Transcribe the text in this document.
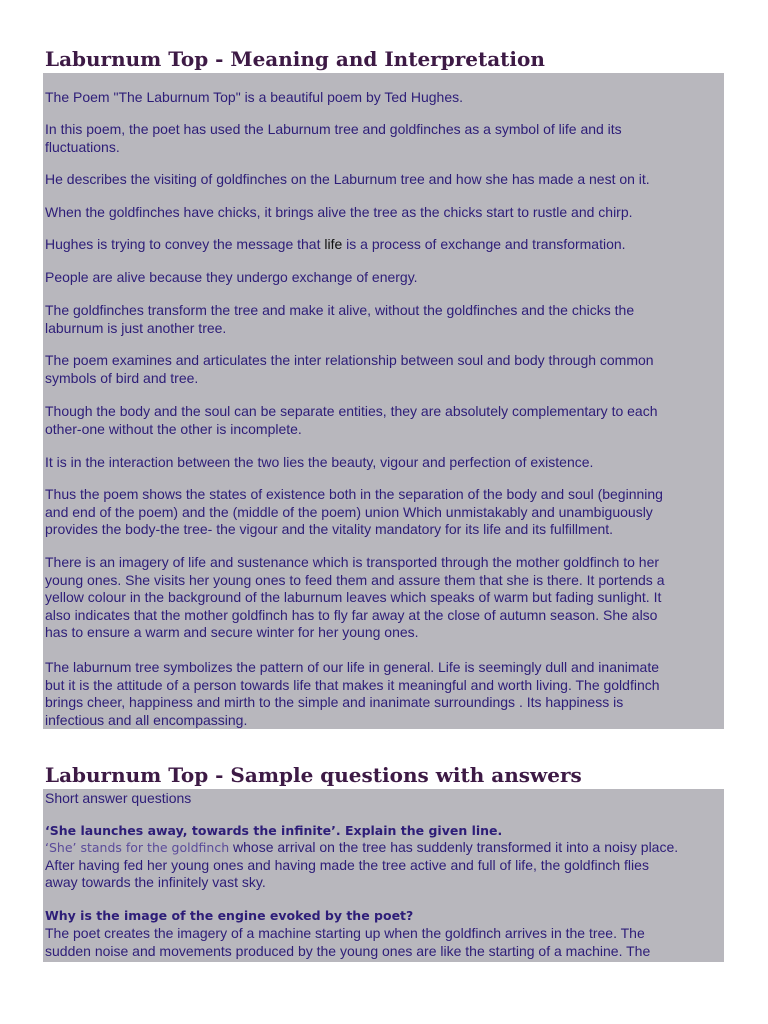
Laburnum Top - Meaning and Interpretation

The Poem "The Laburnum Top" is a beautiful poem by Ted Hughes.

In this poem, the poet has used the Laburnum tree and goldfinches as a symbol of life and its
fluctuations.

He describes the visiting of goldfinches on the Laburnum tree and how she has made a nest on it.

When the goldfinches have chicks, it brings alive the tree as the chicks start to rustle and chirp.

Hughes is trying to convey the message that life is a process of exchange and transformation.

People are alive because they undergo exchange of energy.

The goldfinches transform the tree and make it alive, without the goldfinches and the chicks the
laburnum is just another tree.

The poem examines and articulates the inter relationship between soul and body through common
symbols of bird and tree.

Though the body and the soul can be separate entities, they are absolutely complementary to each
other-one without the other is incomplete.

It is in the interaction between the two lies the beauty, vigour and perfection of existence.

Thus the poem shows the states of existence both in the separation of the body and soul (beginning
and end of the poem) and the (middle of the poem) union Which unmistakably and unambiguously
provides the body-the tree- the vigour and the vitality mandatory for its life and its fulfillment.

There is an imagery of life and sustenance which is transported through the mother goldfinch to her
young ones. She visits her young ones to feed them and assure them that she is there. It portends a
yellow colour in the background of the laburnum leaves which speaks of warm but fading sunlight. It
also indicates that the mother goldfinch has to fly far away at the close of autumn season. She also
has to ensure a warm and secure winter for her young ones.

The laburnum tree symbolizes the pattern of our life in general. Life is seemingly dull and inanimate
but it is the attitude of a person towards life that makes it meaningful and worth living. The goldfinch
brings cheer, happiness and mirth to the simple and inanimate surroundings . Its happiness is
infectious and all encompassing.

Laburnum Top - Sample questions with answers

Short answer questions

‘She launches away, towards the infinite’. Explain the given line.

‘She’ stands for the goldfinch whose arrival on the tree has suddenly transformed it into a noisy place.
After having fed her young ones and having made the tree active and full of life, the goldfinch flies
away towards the infinitely vast sky.

Why is the image of the engine evoked by the poet?

The poet creates the imagery of a machine starting up when the goldfinch arrives in the tree. The
sudden noise and movements produced by the young ones are like the starting of a machine. The
